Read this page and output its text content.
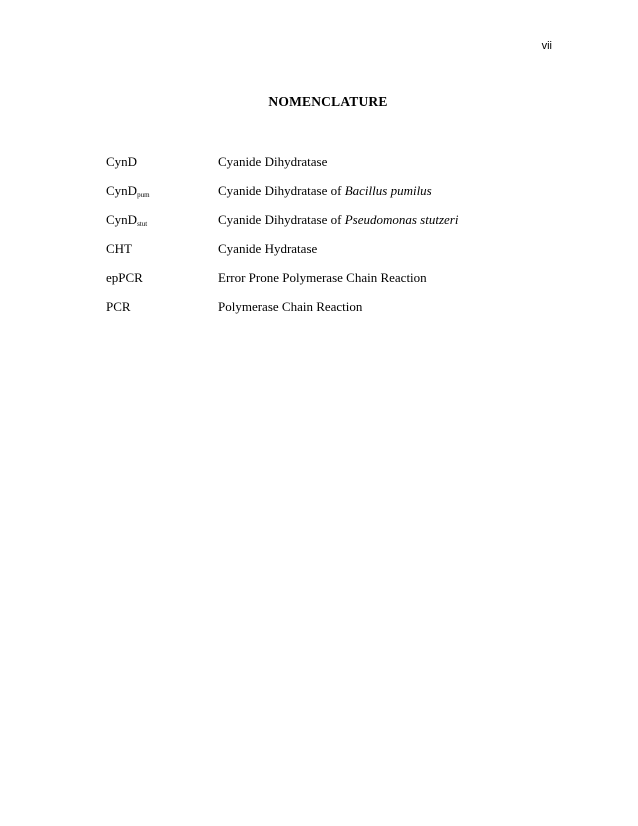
vii
NOMENCLATURE
CynD	Cyanide Dihydratase
CynD$_{pum}$	Cyanide Dihydratase of Bacillus pumilus
CynD$_{stut}$	Cyanide Dihydratase of Pseudomonas stutzeri
CHT	Cyanide Hydratase
epPCR	Error Prone Polymerase Chain Reaction
PCR	Polymerase Chain Reaction
